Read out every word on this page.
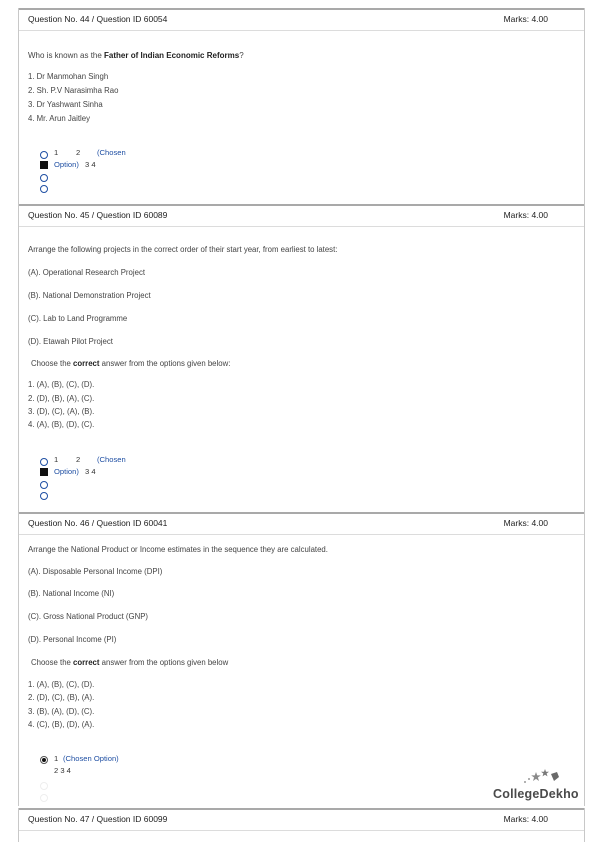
Question No. 44 / Question ID 60054	Marks: 4.00
Who is known as the Father of Indian Economic Reforms?
1. Dr Manmohan Singh
2. Sh. P.V Narasimha Rao
3. Dr Yashwant Sinha
4. Mr. Arun Jaitley
1 2 (Chosen
Option) 3 4
Question No. 45 / Question ID 60089	Marks: 4.00
Arrange the following projects in the correct order of their start year, from earliest to latest:
(A). Operational Research Project
(B). National Demonstration Project
(C). Lab to Land Programme
(D). Etawah Pilot Project
Choose the correct answer from the options given below:
1. (A), (B), (C), (D).
2. (D), (B), (A), (C).
3. (D), (C), (A), (B).
4. (A), (B), (D), (C).
1 2 (Chosen
Option) 3 4
Question No. 46 / Question ID 60041	Marks: 4.00
Arrange the National Product or Income estimates in the sequence they are calculated.
(A). Disposable Personal Income (DPI)
(B). National Income (NI)
(C). Gross National Product (GNP)
(D). Personal Income (PI)
Choose the correct answer from the options given below
1. (A), (B), (C), (D).
2. (D), (C), (B), (A).
3. (B), (A), (D), (C).
4. (C), (B), (D), (A).
1 (Chosen Option)
2 3 4
CollegeDekho
Question No. 47 / Question ID 60099	Marks: 4.00
